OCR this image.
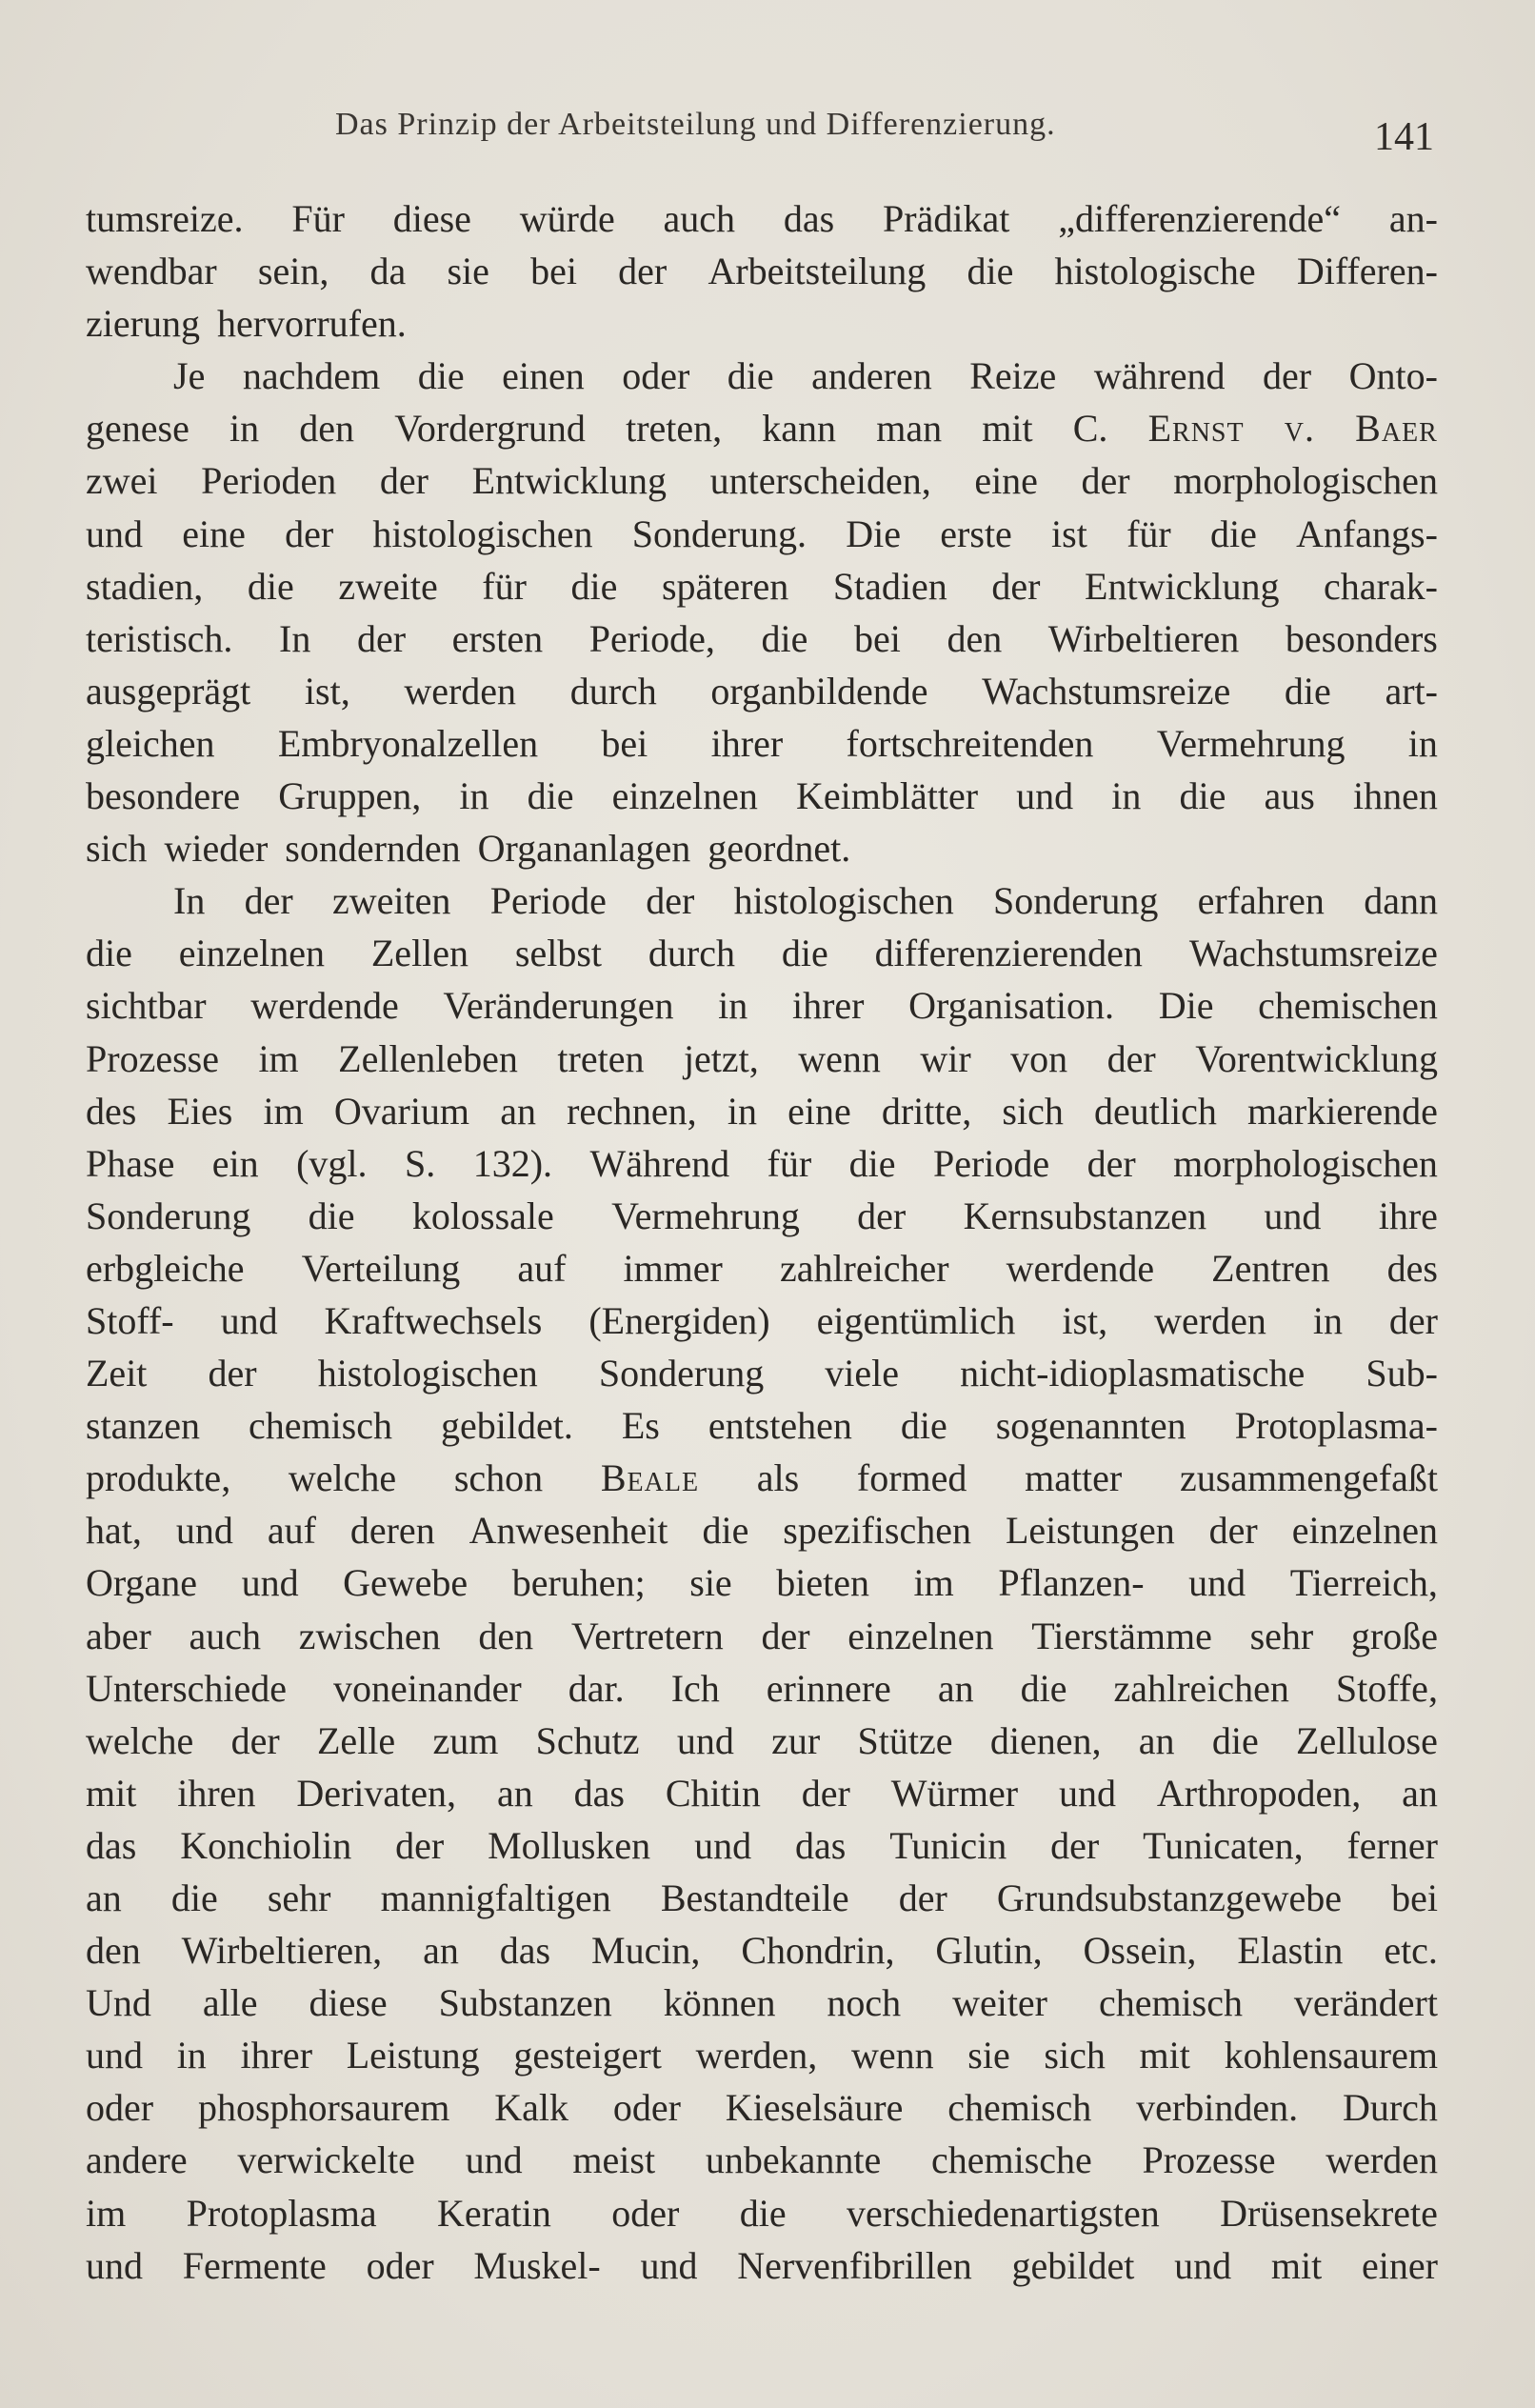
Das Prinzip der Arbeitsteilung und Differenzierung.	141
tumsreize. Für diese würde auch das Prädikat „differenzierende“ an-
wendbar sein, da sie bei der Arbeitsteilung die histologische Differen-
zierung hervorrufen.
Je nachdem die einen oder die anderen Reize während der Onto-
genese in den Vordergrund treten, kann man mit C. Ernst v. Baer
zwei Perioden der Entwicklung unterscheiden, eine der morphologischen
und eine der histologischen Sonderung. Die erste ist für die Anfangs-
stadien, die zweite für die späteren Stadien der Entwicklung charak-
teristisch. In der ersten Periode, die bei den Wirbeltieren besonders
ausgeprägt ist, werden durch organbildende Wachstumsreize die art-
gleichen Embryonalzellen bei ihrer fortschreitenden Vermehrung in
besondere Gruppen, in die einzelnen Keimblätter und in die aus ihnen
sich wieder sondernden Organanlagen geordnet.
In der zweiten Periode der histologischen Sonderung erfahren dann
die einzelnen Zellen selbst durch die differenzierenden Wachstumsreize
sichtbar werdende Veränderungen in ihrer Organisation. Die chemischen
Prozesse im Zellenleben treten jetzt, wenn wir von der Vorentwicklung
des Eies im Ovarium an rechnen, in eine dritte, sich deutlich markierende
Phase ein (vgl. S. 132). Während für die Periode der morphologischen
Sonderung die kolossale Vermehrung der Kernsubstanzen und ihre
erbgleiche Verteilung auf immer zahlreicher werdende Zentren des
Stoff- und Kraftwechsels (Energiden) eigentümlich ist, werden in der
Zeit der histologischen Sonderung viele nicht-idioplasmatische Sub-
stanzen chemisch gebildet. Es entstehen die sogenannten Protoplasma-
produkte, welche schon Beale als formed matter zusammengefaßt
hat, und auf deren Anwesenheit die spezifischen Leistungen der einzelnen
Organe und Gewebe beruhen; sie bieten im Pflanzen- und Tierreich,
aber auch zwischen den Vertretern der einzelnen Tierstämme sehr große
Unterschiede voneinander dar. Ich erinnere an die zahlreichen Stoffe,
welche der Zelle zum Schutz und zur Stütze dienen, an die Zellulose
mit ihren Derivaten, an das Chitin der Würmer und Arthropoden, an
das Konchiolin der Mollusken und das Tunicin der Tunicaten, ferner
an die sehr mannigfaltigen Bestandteile der Grundsubstanzgewebe bei
den Wirbeltieren, an das Mucin, Chondrin, Glutin, Ossein, Elastin etc.
Und alle diese Substanzen können noch weiter chemisch verändert
und in ihrer Leistung gesteigert werden, wenn sie sich mit kohlensaurem
oder phosphorsaurem Kalk oder Kieselsäure chemisch verbinden. Durch
andere verwickelte und meist unbekannte chemische Prozesse werden
im Protoplasma Keratin oder die verschiedenartigsten Drüsensekrete
und Fermente oder Muskel- und Nervenfibrillen gebildet und mit einer
